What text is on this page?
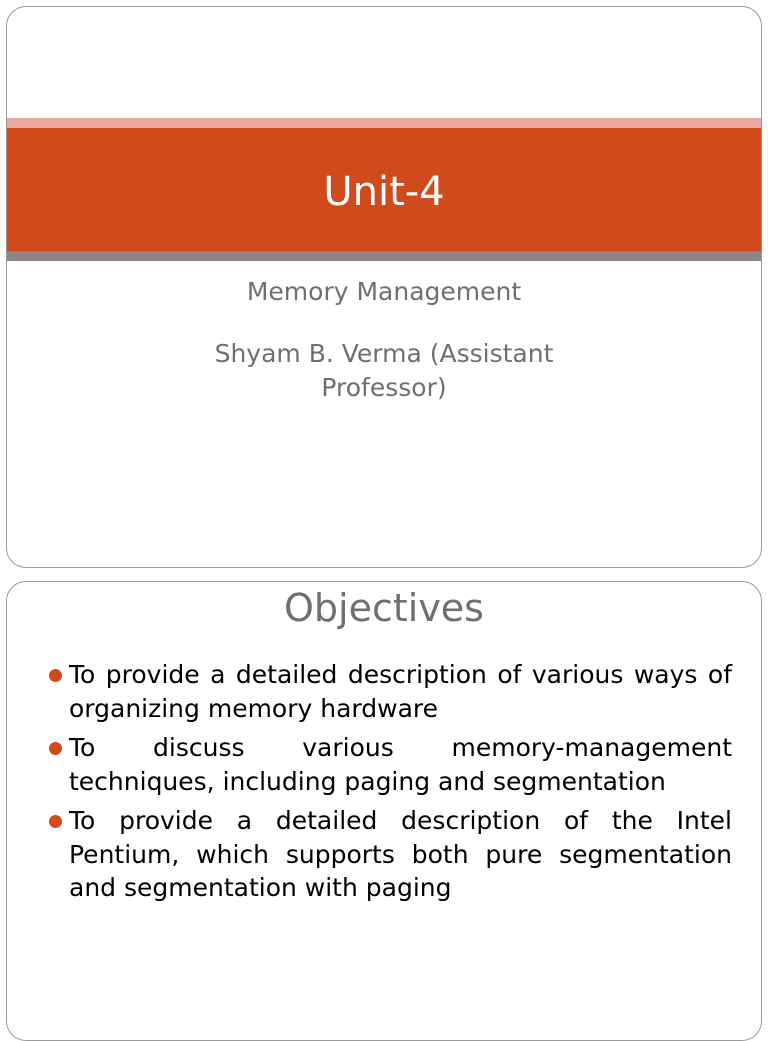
Unit-4
Memory Management
Shyam B. Verma (Assistant Professor)
Objectives
To provide a detailed description of various ways of organizing memory hardware
To discuss various memory-management techniques, including paging and segmentation
To provide a detailed description of the Intel Pentium, which supports both pure segmentation and segmentation with paging
